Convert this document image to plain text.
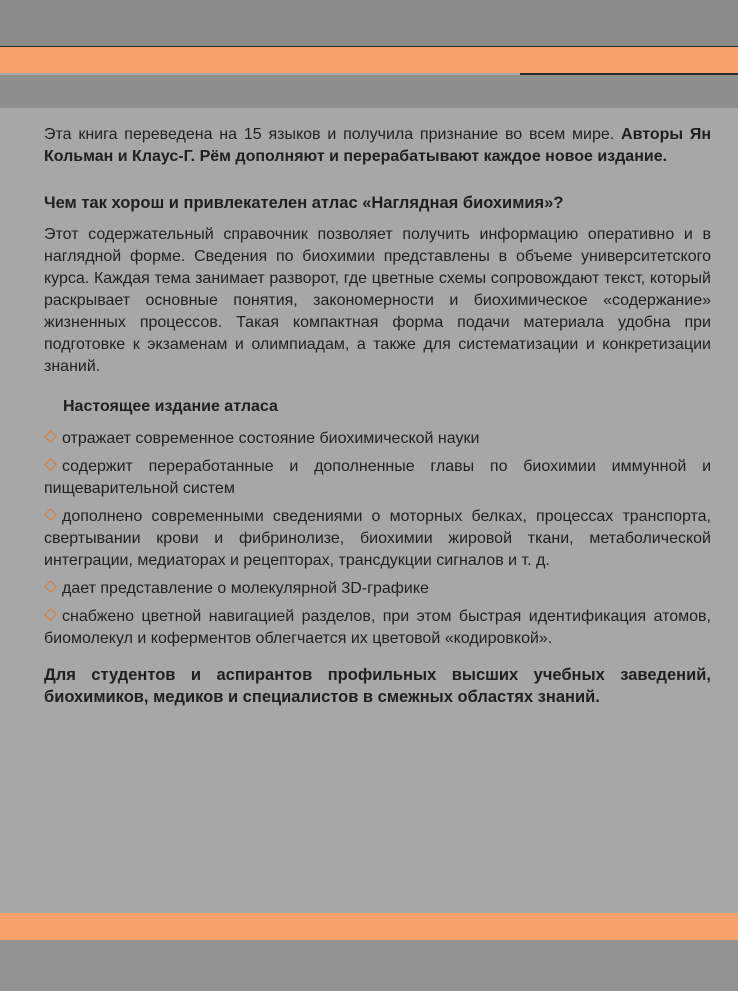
Эта книга переведена на 15 языков и получила признание во всем мире. Авторы Ян Кольман и Клаус-Г. Рём дополняют и перерабатывают каждое новое издание.

Чем так хорош и привлекателен атлас «Наглядная биохимия»?

Этот содержательный справочник позволяет получить информацию оперативно и в наглядной форме. Сведения по биохимии представлены в объеме университетского курса. Каждая тема занимает разворот, где цветные схемы сопровождают текст, который раскрывает основные понятия, закономерности и биохимическое «содержание» жизненных процессов. Такая компактная форма подачи материала удобна при подготовке к экзаменам и олимпиадам, а также для систематизации и конкретизации знаний.

Настоящее издание атласа

отражает современное состояние биохимической науки
содержит переработанные и дополненные главы по биохимии иммунной и пищеварительной систем
дополнено современными сведениями о моторных белках, процессах транспорта, свертывании крови и фибринолизе, биохимии жировой ткани, метаболической интеграции, медиаторах и рецепторах, трансдукции сигналов и т. д.
дает представление о молекулярной 3D-графике
снабжено цветной навигацией разделов, при этом быстрая идентификация атомов, биомолекул и коферментов облегчается их цветовой «кодировкой».

Для студентов и аспирантов профильных высших учебных заведений, биохимиков, медиков и специалистов в смежных областях знаний.
